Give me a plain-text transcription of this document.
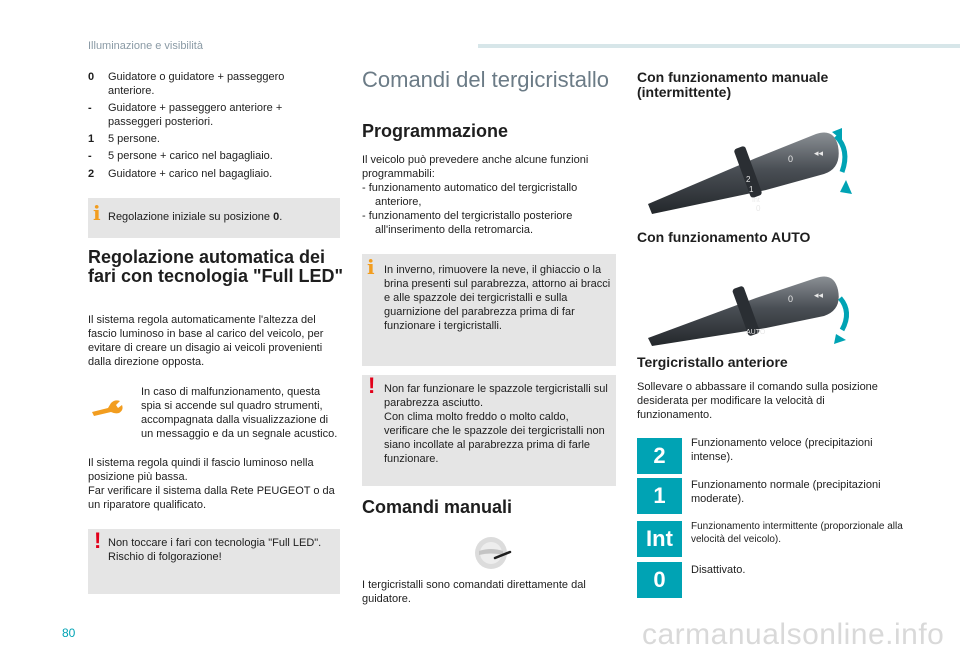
Illuminazione e visibilità
80	carmanualsonline.info
0	Guidatore o guidatore + passeggero anteriore.
-	Guidatore + passeggero anteriore + passeggeri posteriori.
1	5 persone.
-	5 persone + carico nel bagagliaio.
2	Guidatore + carico nel bagagliaio.
i Regolazione iniziale su posizione 0.
Regolazione automatica dei fari con tecnologia "Full LED"
Il sistema regola automaticamente l'altezza del fascio luminoso in base al carico del veicolo, per evitare di creare un disagio ai veicoli provenienti dalla direzione opposta.
In caso di malfunzionamento, questa spia si accende sul quadro strumenti, accompagnata dalla visualizzazione di un messaggio e da un segnale acustico.
Il sistema regola quindi il fascio luminoso nella posizione più bassa.
Far verificare il sistema dalla Rete PEUGEOT o da un riparatore qualificato.
! Non toccare i fari con tecnologia "Full LED". Rischio di folgorazione!
Comandi del tergicristallo
Programmazione
Il veicolo può prevedere anche alcune funzioni programmabili:
- funzionamento automatico del tergicristallo anteriore,
- funzionamento del tergicristallo posteriore all'inserimento della retromarcia.
i In inverno, rimuovere la neve, il ghiaccio o la brina presenti sul parabrezza, attorno ai bracci e alle spazzole dei tergicristalli e sulla guarnizione del parabrezza prima di far funzionare i tergicristalli.
! Non far funzionare le spazzole tergicristalli sul parabrezza asciutto.
Con clima molto freddo o molto caldo, verificare che le spazzole dei tergicristalli non siano incollate al parabrezza prima di farle funzionare.
Comandi manuali
I tergicristalli sono comandati direttamente dal guidatore.
Con funzionamento manuale (intermittente)
2
1
Int
0
0
◂◂
Con funzionamento AUTO
AUTO
0 ◂◂
Tergicristallo anteriore
Sollevare o abbassare il comando sulla posizione desiderata per modificare la velocità di funzionamento.
2	Funzionamento veloce (precipitazioni intense).
1	Funzionamento normale (precipitazioni moderate).
Int	Funzionamento intermittente (proporzionale alla velocità del veicolo).
0	Disattivato.
